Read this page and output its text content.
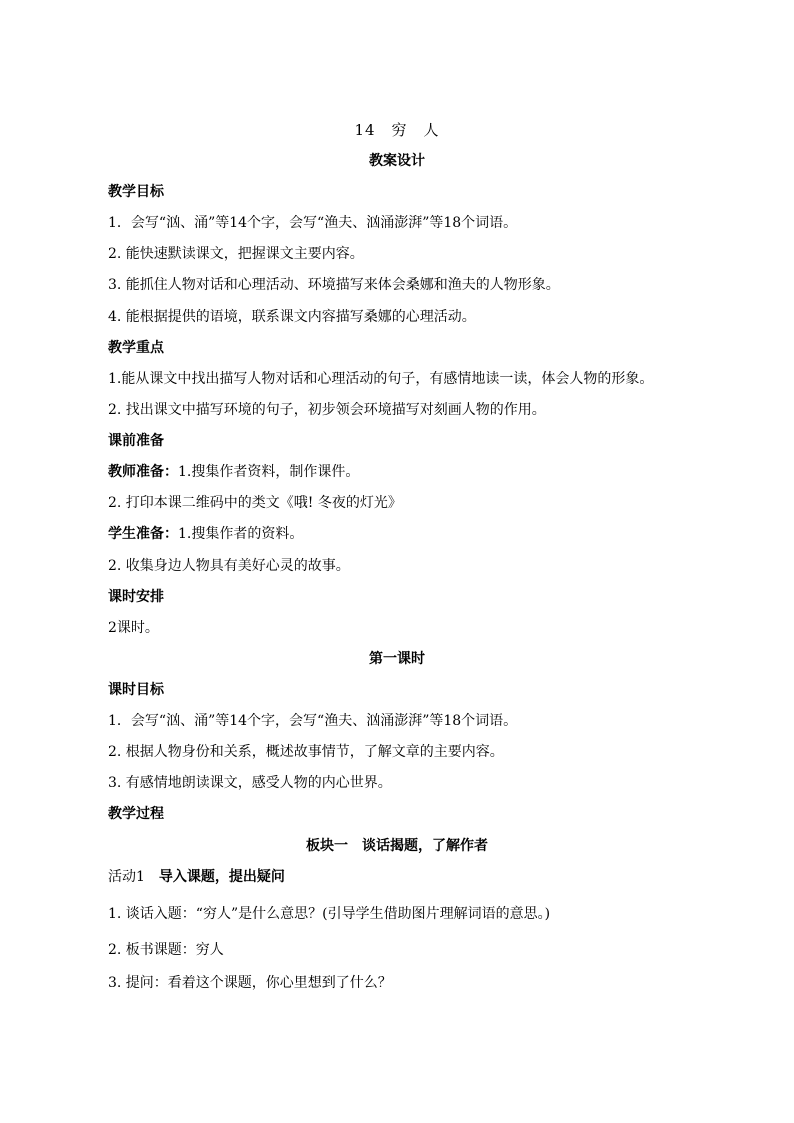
14　穷　人
教案设计
教学目标
1．会写“汹、涌”等14个字，会写“渔夫、汹涌澎湃”等18个词语。
2. 能快速默读课文，把握课文主要内容。
3. 能抓住人物对话和心理活动、环境描写来体会桑娜和渔夫的人物形象。
4. 能根据提供的语境，联系课文内容描写桑娜的心理活动。
教学重点
1.能从课文中找出描写人物对话和心理活动的句子，有感情地读一读，体会人物的形象。
2. 找出课文中描写环境的句子，初步领会环境描写对刻画人物的作用。
课前准备
教师准备：1.搜集作者资料，制作课件。
2. 打印本课二维码中的类文《哦! 冬夜的灯光》
学生准备：1.搜集作者的资料。
2. 收集身边人物具有美好心灵的故事。
课时安排
2课时。
第一课时
课时目标
1．会写“汹、涌”等14个字，会写“渔夫、汹涌澎湃”等18个词语。
2. 根据人物身份和关系，概述故事情节，了解文章的主要内容。
3. 有感情地朗读课文，感受人物的内心世界。
教学过程
板块一　谈话揭题，了解作者
活动1　 导入课题，提出疑问
1. 谈话入题：“穷人”是什么意思？(引导学生借助图片理解词语的意思。)
2. 板书课题：穷人
3. 提问：看着这个课题，你心里想到了什么？
